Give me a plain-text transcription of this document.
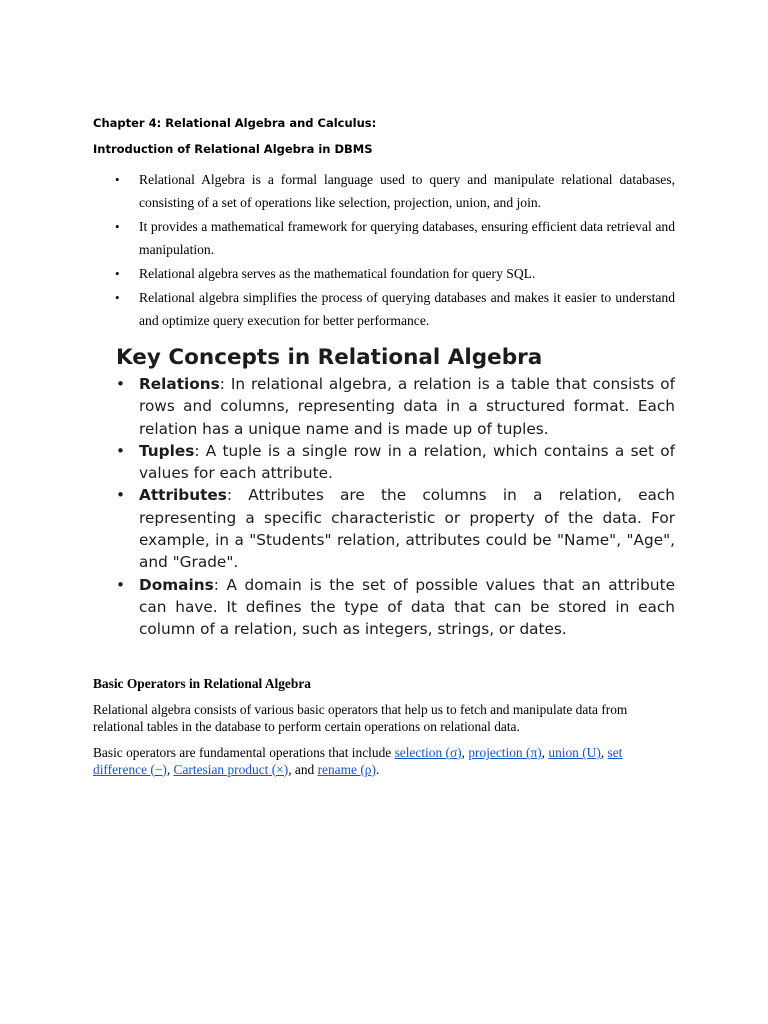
Chapter 4: Relational Algebra and Calculus:

Introduction of Relational Algebra in DBMS

• Relational Algebra is a formal language used to query and manipulate relational databases, consisting of a set of operations like selection, projection, union, and join.
• It provides a mathematical framework for querying databases, ensuring efficient data retrieval and manipulation.
• Relational algebra serves as the mathematical foundation for query SQL.
• Relational algebra simplifies the process of querying databases and makes it easier to understand and optimize query execution for better performance.
Key Concepts in Relational Algebra
• Relations: In relational algebra, a relation is a table that consists of rows and columns, representing data in a structured format. Each relation has a unique name and is made up of tuples.
• Tuples: A tuple is a single row in a relation, which contains a set of values for each attribute.
• Attributes: Attributes are the columns in a relation, each representing a specific characteristic or property of the data. For example, in a "Students" relation, attributes could be "Name", "Age", and "Grade".
• Domains: A domain is the set of possible values that an attribute can have. It defines the type of data that can be stored in each column of a relation, such as integers, strings, or dates.

Basic Operators in Relational Algebra

Relational algebra consists of various basic operators that help us to fetch and manipulate data from relational tables in the database to perform certain operations on relational data.

Basic operators are fundamental operations that include selection (σ), projection (π), union (U), set difference (−), Cartesian product (×), and rename (ρ).
